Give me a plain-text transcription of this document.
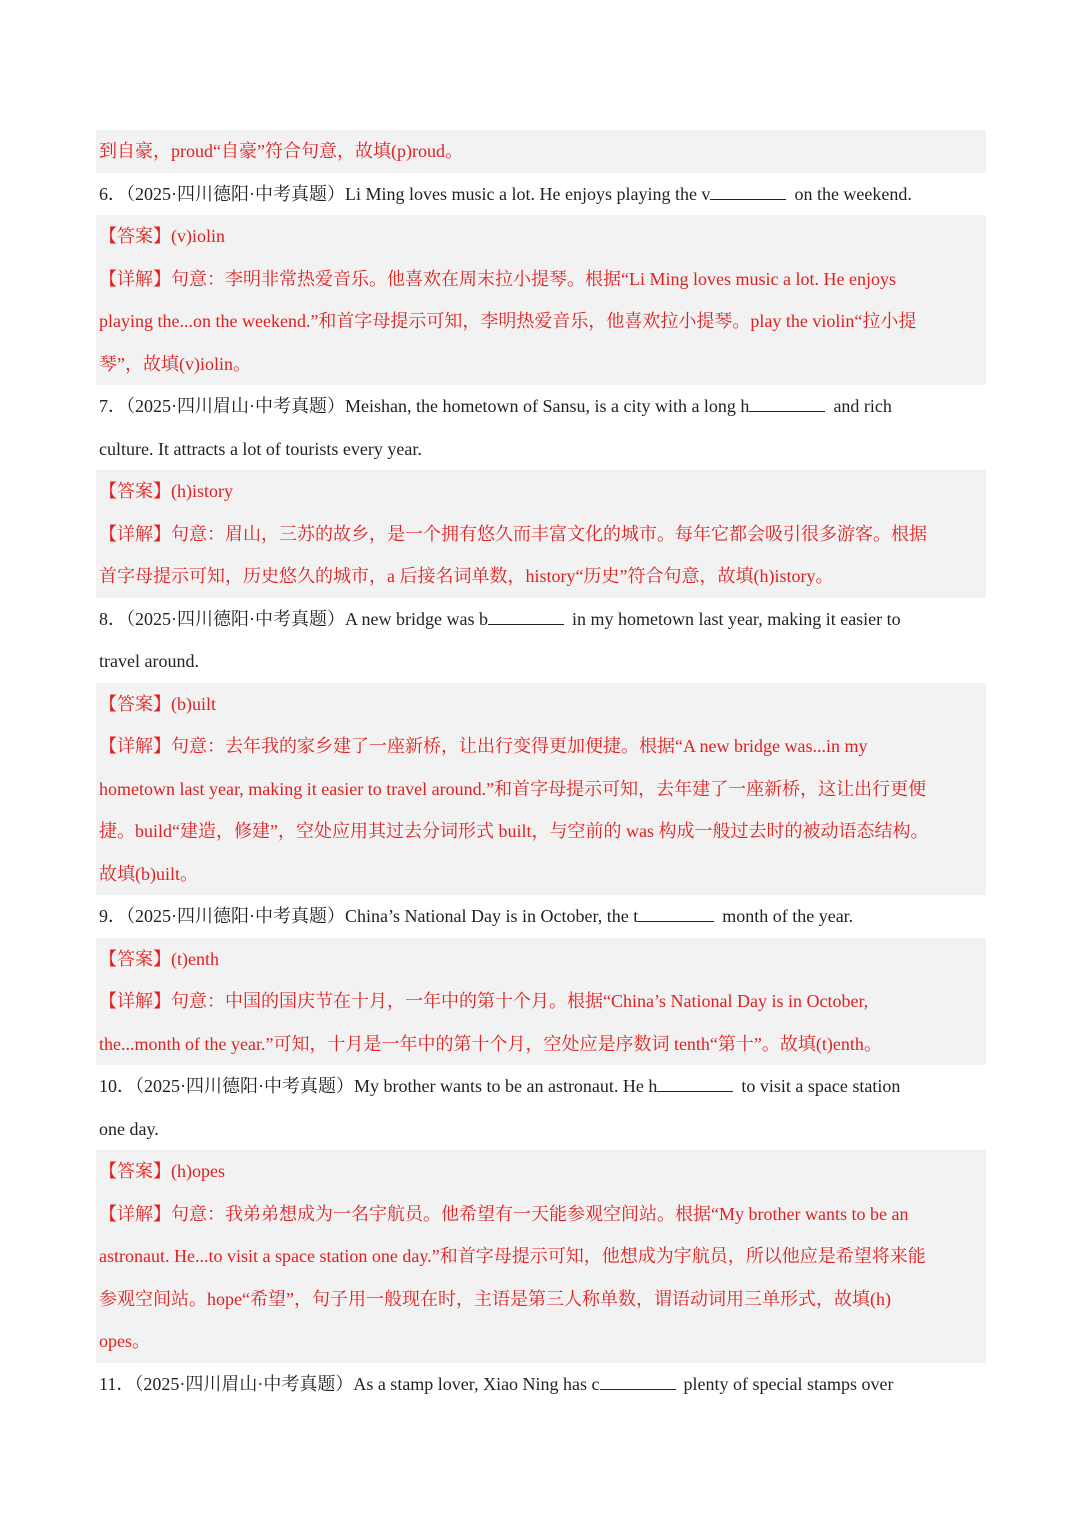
到自豪，proud“自豪”符合句意，故填(p)roud。
6．（2025·四川德阳·中考真题）Li Ming loves music a lot. He enjoys playing the v	on the weekend.
【答案】(v)iolin
【详解】句意：李明非常热爱音乐。他喜欢在周末拉小提琴。根据“Li Ming loves music a lot. He enjoys
playing the...on the weekend.”和首字母提示可知，李明热爱音乐，他喜欢拉小提琴。play the violin“拉小提
琴”，故填(v)iolin。
7．（2025·四川眉山·中考真题）Meishan, the hometown of Sansu, is a city with a long h	and rich
culture. It attracts a lot of tourists every year.
【答案】(h)istory
【详解】句意：眉山，三苏的故乡，是一个拥有悠久而丰富文化的城市。每年它都会吸引很多游客。根据
首字母提示可知，历史悠久的城市，a 后接名词单数，history“历史”符合句意，故填(h)istory。
8．（2025·四川德阳·中考真题）A new bridge was b	in my hometown last year, making it easier to
travel around.
【答案】(b)uilt
【详解】句意：去年我的家乡建了一座新桥，让出行变得更加便捷。根据“A new bridge was...in my
hometown last year, making it easier to travel around.”和首字母提示可知，去年建了一座新桥，这让出行更便
捷。build“建造，修建”，空处应用其过去分词形式 built，与空前的 was 构成一般过去时的被动语态结构。
故填(b)uilt。
9．（2025·四川德阳·中考真题）China’s National Day is in October, the t	month of the year.
【答案】(t)enth
【详解】句意：中国的国庆节在十月，一年中的第十个月。根据“China’s National Day is in October,
the...month of the year.”可知，十月是一年中的第十个月，空处应是序数词 tenth“第十”。故填(t)enth。
10．（2025·四川德阳·中考真题）My brother wants to be an astronaut. He h	to visit a space station
one day.
【答案】(h)opes
【详解】句意：我弟弟想成为一名宇航员。他希望有一天能参观空间站。根据“My brother wants to be an
astronaut. He...to visit a space station one day.”和首字母提示可知，他想成为宇航员，所以他应是希望将来能
参观空间站。hope“希望”，句子用一般现在时，主语是第三人称单数，谓语动词用三单形式，故填(h)
opes。
11．（2025·四川眉山·中考真题）As a stamp lover, Xiao Ning has c	plenty of special stamps over
